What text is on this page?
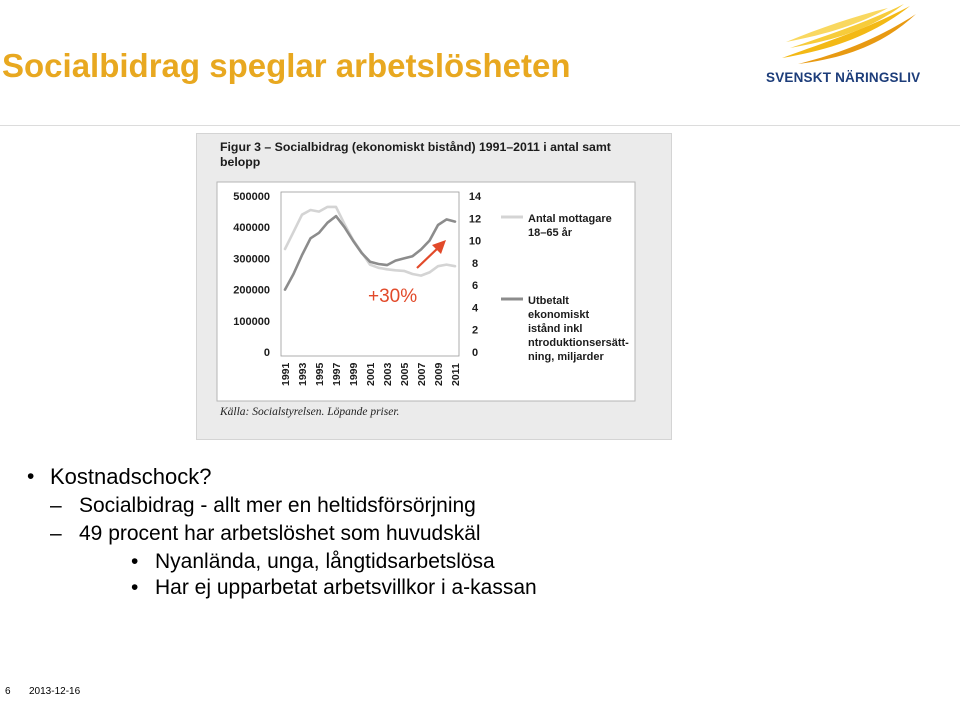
Socialbidrag speglar arbetslösheten	SVENSKT NÄRINGSLIV
Figur 3 – Socialbidrag (ekonomiskt bistånd) 1991–2011 i antal samt belopp
0
100000
200000
300000
400000
500000
0
2
4
6
8
10
12
14
1991 1993 1995 1997 1999 2001 2003 2005 2007 2009 2011
Antal mottagare 18–65 år
Utbetalt ekonomiskt istånd inkl ntroduktionsersätt-ning, miljarder
+30%
Källa: Socialstyrelsen. Löpande priser.
• Kostnadschock?
– Socialbidrag - allt mer en heltidsförsörjning
– 49 procent har arbetslöshet som huvudskäl
• Nyanlända, unga, långtidsarbetslösa
• Har ej upparbetat arbetsvillkor i a-kassan
6 2013-12-16
